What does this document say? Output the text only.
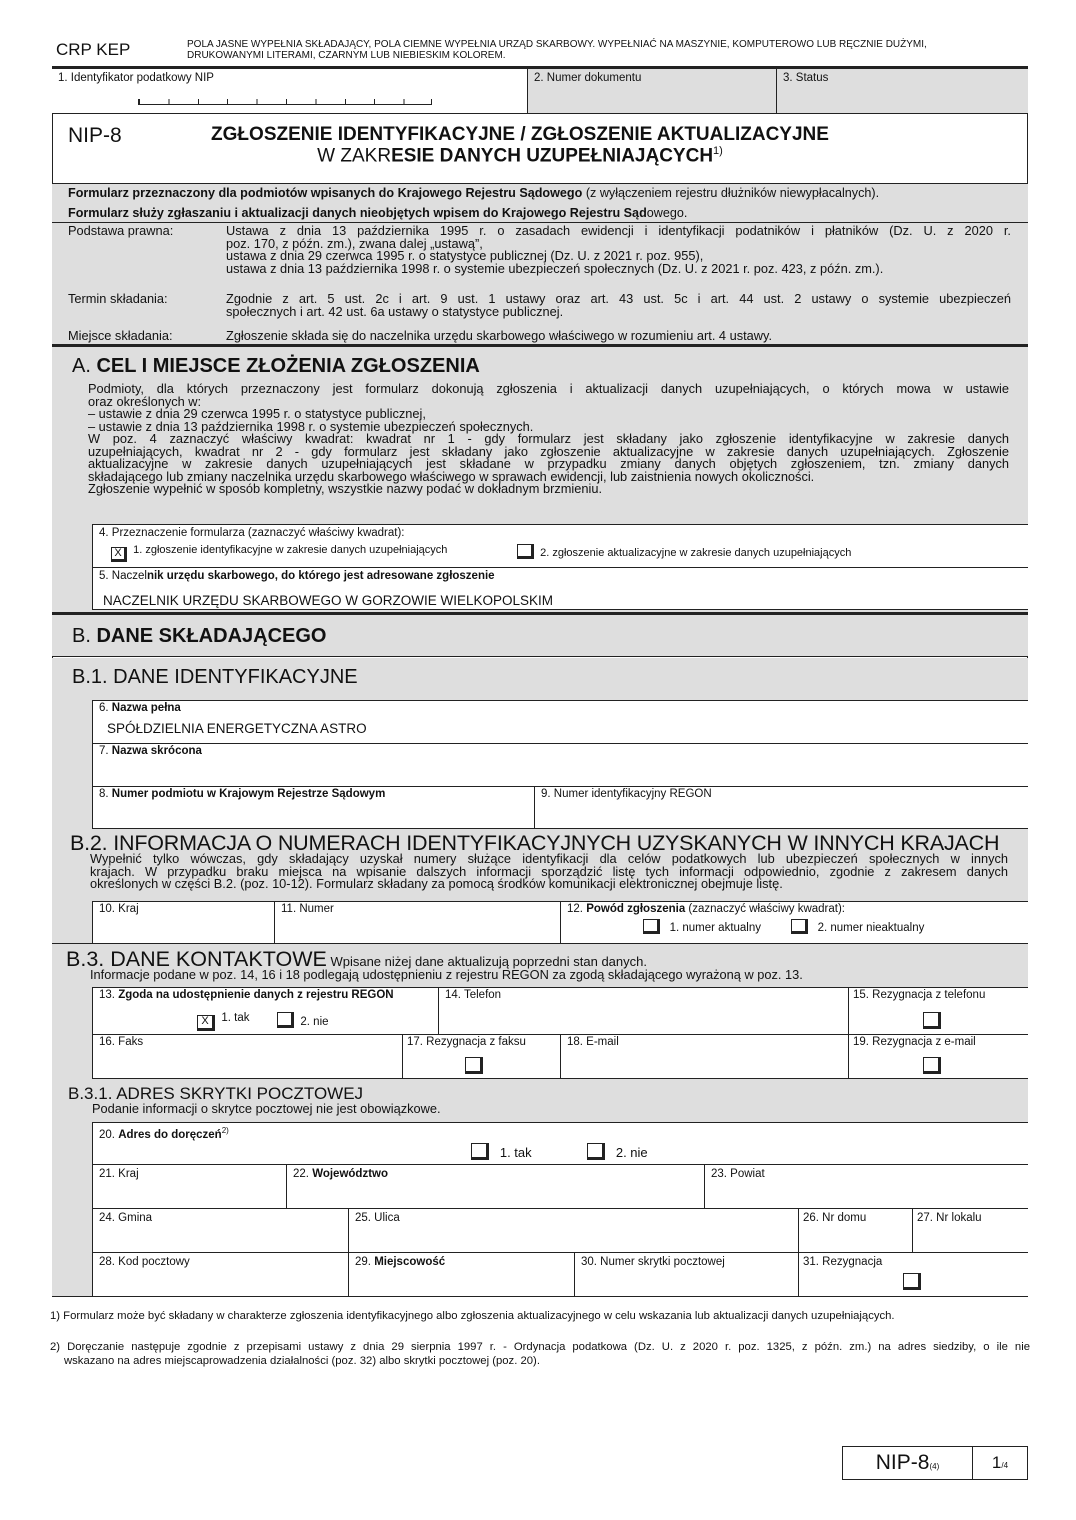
CRP KEP	POLA JASNE WYPEŁNIA SKŁADAJĄCY, POLA CIEMNE WYPEŁNIA URZĄD SKARBOWY. WYPEŁNIAĆ NA MASZYNIE, KOMPUTEROWO LUB RĘCZNIE DUŻYMI,
DRUKOWANYMI LITERAMI, CZARNYM LUB NIEBIESKIM KOLOREM.
1. Identyfikator podatkowy NIP	2. Numer dokumentu	3. Status
NIP-8	ZGŁOSZENIE IDENTYFIKACYJNE / ZGŁOSZENIE AKTUALIZACYJNE
W ZAKRESIE DANYCH UZUPEŁNIAJĄCYCH$^{1)}$
Formularz przeznaczony dla podmiotów wpisanych do Krajowego Rejestru Sądowego (z wyłączeniem rejestru dłużników niewypłacalnych).
Formularz służy zgłaszaniu i aktualizacji danych nieobjętych wpisem do Krajowego Rejestru Sądowego.
Podstawa prawna:	Ustawa z dnia 13 października 1995 r. o zasadach ewidencji i identyfikacji podatników i płatników (Dz. U. z 2020 r.
poz. 170, z późn. zm.), zwana dalej „ustawą”,
ustawa z dnia 29 czerwca 1995 r. o statystyce publicznej (Dz. U. z 2021 r. poz. 955),
ustawa z dnia 13 października 1998 r. o systemie ubezpieczeń społecznych (Dz. U. z 2021 r. poz. 423, z późn. zm.).
Termin składania:	Zgodnie z art. 5 ust. 2c i art. 9 ust. 1 ustawy oraz art. 43 ust. 5c i art. 44 ust. 2 ustawy o systemie ubezpieczeń
społecznych i art. 42 ust. 6a ustawy o statystyce publicznej.
Miejsce składania:	Zgłoszenie składa się do naczelnika urzędu skarbowego właściwego w rozumieniu art. 4 ustawy.
A. CEL I MIEJSCE ZŁOŻENIA ZGŁOSZENIA
Podmioty, dla których przeznaczony jest formularz dokonują zgłoszenia i aktualizacji danych uzupełniających, o których mowa w ustawie
oraz określonych w:
– ustawie z dnia 29 czerwca 1995 r. o statystyce publicznej,
– ustawie z dnia 13 października 1998 r. o systemie ubezpieczeń społecznych.
W poz. 4 zaznaczyć właściwy kwadrat: kwadrat nr 1 - gdy formularz jest składany jako zgłoszenie identyfikacyjne w zakresie danych
uzupełniających, kwadrat nr 2 - gdy formularz jest składany jako zgłoszenie aktualizacyjne w zakresie danych uzupełniających. Zgłoszenie
aktualizacyjne w zakresie danych uzupełniających jest składane w przypadku zmiany danych objętych zgłoszeniem, tzn. zmiany danych
składającego lub zmiany naczelnika urzędu skarbowego właściwego w sprawach ewidencji, lub zaistnienia nowych okoliczności.
Zgłoszenie wypełnić w sposób kompletny, wszystkie nazwy podać w dokładnym brzmieniu.
4. Przeznaczenie formularza (zaznaczyć właściwy kwadrat):
X 1. zgłoszenie identyfikacyjne w zakresie danych uzupełniających	2. zgłoszenie aktualizacyjne w zakresie danych uzupełniających
5. Naczelnik urzędu skarbowego, do którego jest adresowane zgłoszenie
NACZELNIK URZĘDU SKARBOWEGO W GORZOWIE WIELKOPOLSKIM
B. DANE SKŁADAJĄCEGO
B.1. DANE IDENTYFIKACYJNE
6. Nazwa pełna
SPÓŁDZIELNIA ENERGETYCZNA ASTRO
7. Nazwa skrócona
8. Numer podmiotu w Krajowym Rejestrze Sądowym	9. Numer identyfikacyjny REGON
B.2. INFORMACJA O NUMERACH IDENTYFIKACYJNYCH UZYSKANYCH W INNYCH KRAJACH
Wypełnić tylko wówczas, gdy składający uzyskał numery służące identyfikacji dla celów podatkowych lub ubezpieczeń społecznych w innych
krajach. W przypadku braku miejsca na wpisanie dalszych informacji sporządzić listę tych informacji odpowiednio, zgodnie z zakresem danych
określonych w części B.2. (poz. 10-12). Formularz składany za pomocą środków komunikacji elektronicznej obejmuje listę.
10. Kraj	11. Numer	12. Powód zgłoszenia (zaznaczyć właściwy kwadrat):
1. numer aktualny	2. numer nieaktualny
B.3. DANE KONTAKTOWE Wpisane niżej dane aktualizują poprzedni stan danych.
Informacje podane w poz. 14, 16 i 18 podlegają udostępnieniu z rejestru REGON za zgodą składającego wyrażoną w poz. 13.
13. Zgoda na udostępnienie danych z rejestru REGON
X 1. tak	2. nie
14. Telefon	15. Rezygnacja z telefonu
16. Faks	17. Rezygnacja z faksu	18. E-mail	19. Rezygnacja z e-mail
B.3.1. ADRES SKRYTKI POCZTOWEJ
Podanie informacji o skrytce pocztowej nie jest obowiązkowe.
20. Adres do doręczeń$^{2)}$
1. tak	2. nie
21. Kraj	22. Województwo	23. Powiat
24. Gmina	25. Ulica	26. Nr domu	27. Nr lokalu
28. Kod pocztowy	29. Miejscowość	30. Numer skrytki pocztowej	31. Rezygnacja
1) Formularz może być składany w charakterze zgłoszenia identyfikacyjnego albo zgłoszenia aktualizacyjnego w celu wskazania lub aktualizacji danych uzupełniających.
2) Doręczanie następuje zgodnie z przepisami ustawy z dnia 29 sierpnia 1997 r. - Ordynacja podatkowa (Dz. U. z 2020 r. poz. 1325, z późn. zm.) na adres siedziby, o ile nie
wskazano na adres miejscaprowadzenia działalności (poz. 32) albo skrytki pocztowej (poz. 20).
NIP-8(4)	1/4
